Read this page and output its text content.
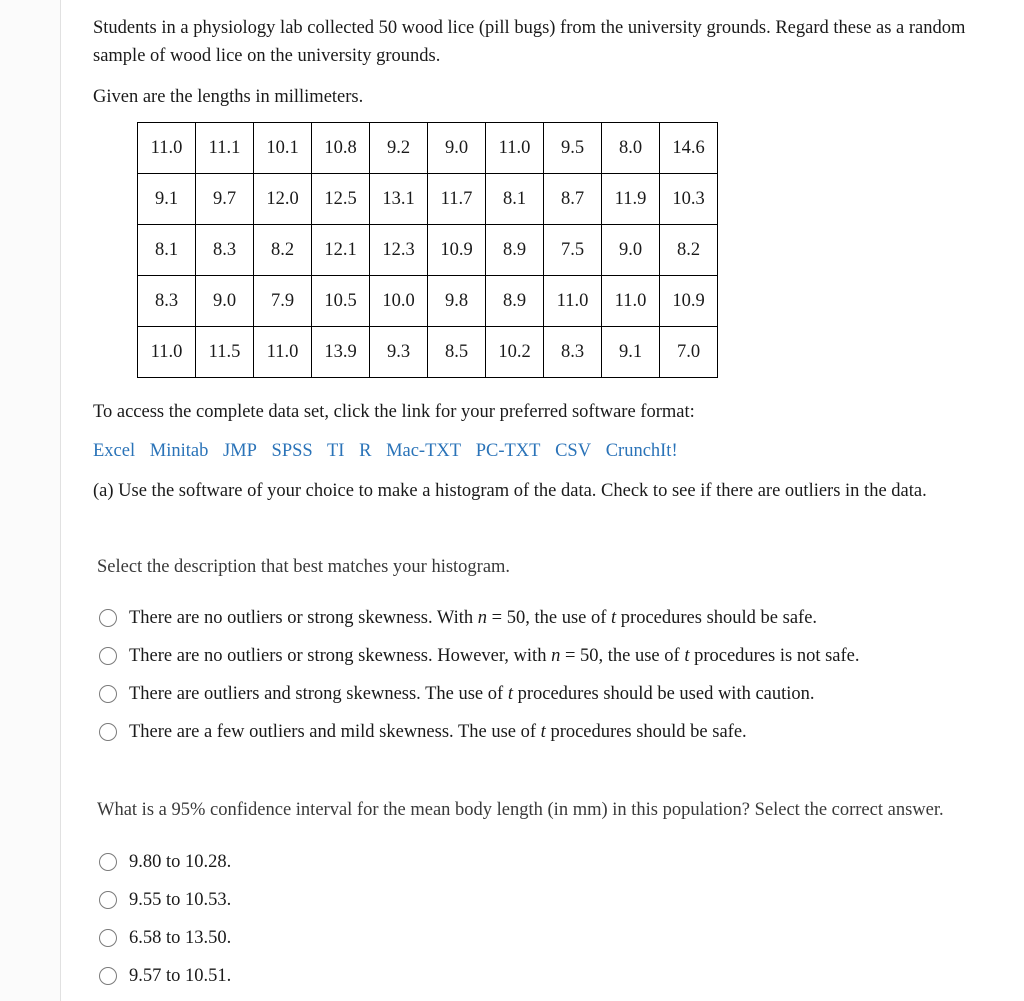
Students in a physiology lab collected 50 wood lice (pill bugs) from the university grounds. Regard these as a random
sample of wood lice on the university grounds.

Given are the lengths in millimeters.

11.0	11.1	10.1	10.8	9.2	9.0	11.0	9.5	8.0	14.6
9.1	9.7	12.0	12.5	13.1	11.7	8.1	8.7	11.9	10.3
8.1	8.3	8.2	12.1	12.3	10.9	8.9	7.5	9.0	8.2
8.3	9.0	7.9	10.5	10.0	9.8	8.9	11.0	11.0	10.9
11.0	11.5	11.0	13.9	9.3	8.5	10.2	8.3	9.1	7.0

To access the complete data set, click the link for your preferred software format:

Excel Minitab JMP SPSS TI R Mac-TXT PC-TXT CSV CrunchIt!

(a) Use the software of your choice to make a histogram of the data. Check to see if there are outliers in the data.

Select the description that best matches your histogram.

There are no outliers or strong skewness. With n = 50, the use of t procedures should be safe.
There are no outliers or strong skewness. However, with n = 50, the use of t procedures is not safe.
There are outliers and strong skewness. The use of t procedures should be used with caution.
There are a few outliers and mild skewness. The use of t procedures should be safe.

What is a 95% confidence interval for the mean body length (in mm) in this population? Select the correct answer.

9.80 to 10.28.
9.55 to 10.53.
6.58 to 13.50.
9.57 to 10.51.
